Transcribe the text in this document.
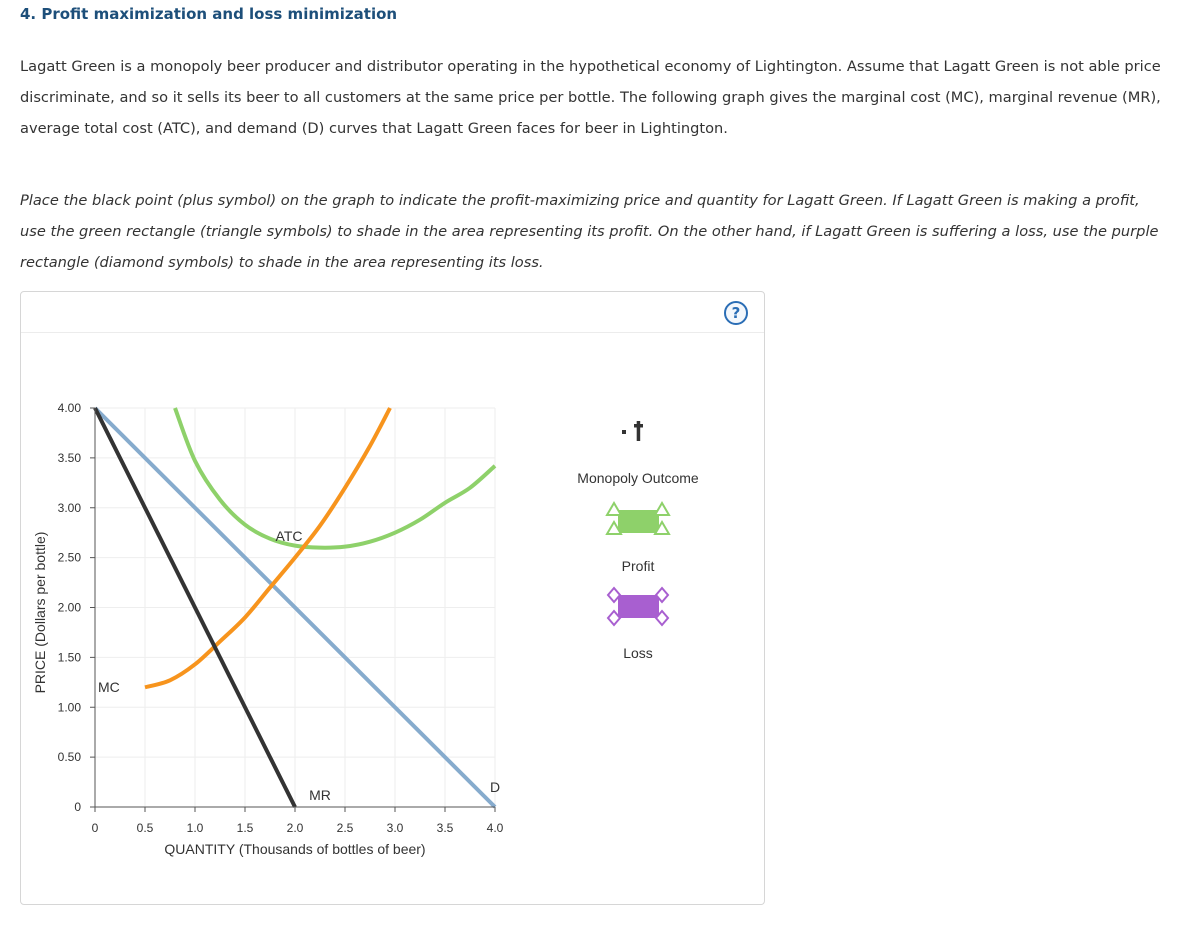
4. Profit maximization and loss minimization

Lagatt Green is a monopoly beer producer and distributor operating in the hypothetical economy of Lightington. Assume that Lagatt Green is not able price discriminate, and so it sells its beer to all customers at the same price per bottle. The following graph gives the marginal cost (MC), marginal revenue (MR), average total cost (ATC), and demand (D) curves that Lagatt Green faces for beer in Lightington.

Place the black point (plus symbol) on the graph to indicate the profit-maximizing price and quantity for Lagatt Green. If Lagatt Green is making a profit, use the green rectangle (triangle symbols) to shade in the area representing its profit. On the other hand, if Lagatt Green is suffering a loss, use the purple rectangle (diamond symbols) to shade in the area representing its loss.

?
0
0.50
1.00
1.50
2.00
2.50
3.00
3.50
4.00
0	0.5	1.0	1.5	2.0	2.5	3.0	3.5	4.0
QUANTITY (Thousands of bottles of beer)
PRICE (Dollars per bottle)	MC
ATC
D
MR
Monopoly Outcome
Profit
Loss
